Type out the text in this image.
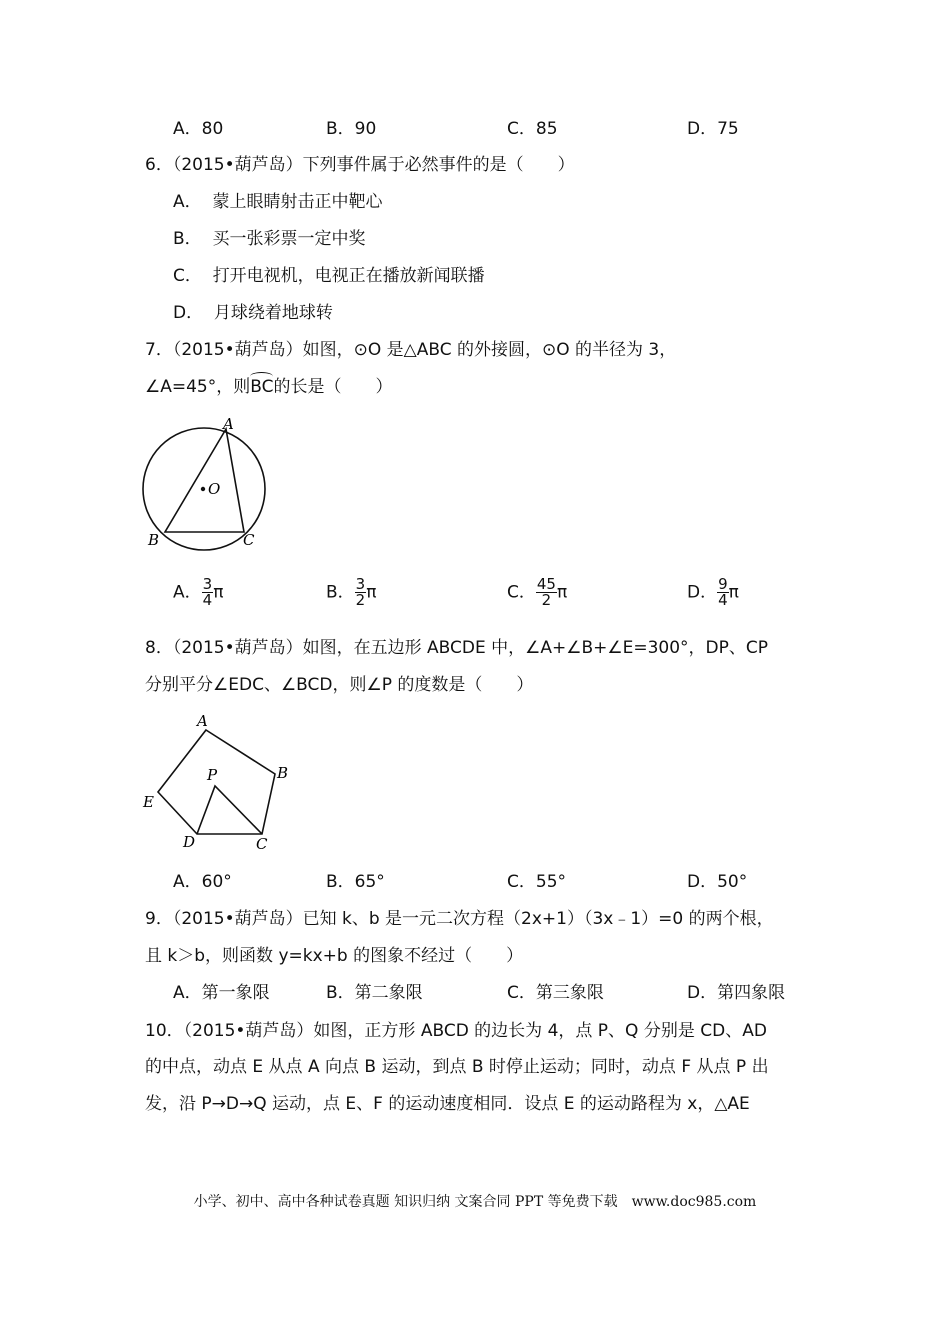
A．80	B．90	C．85	D．75
6．（2015•葫芦岛）下列事件属于必然事件的是（　　）
A． 蒙上眼睛射击正中靶心
B． 买一张彩票一定中奖
C． 打开电视机，电视正在播放新闻联播
D． 月球绕着地球转
7．（2015•葫芦岛）如图，⊙O 是△ABC 的外接圆，⊙O 的半径为 3，
∠A=45°，则BC的长是（　　）
O
A
B	C
A． $\frac{3}{4}$ π	B． $\frac{3}{2}$ π	C． $\frac{45}{2}$ π	D． $\frac{9}{4}$ π
8．（2015•葫芦岛）如图，在五边形 ABCDE 中，∠A+∠B+∠E=300°，DP、CP
分别平分∠EDC、∠BCD，则∠P 的度数是（　　）
A
B
C
D
E
P
A．60°	B．65°	C．55°	D．50°
9．（2015•葫芦岛）已知 k、b 是一元二次方程（2x+1）（3x﹣1）=0 的两个根，
且 k＞b，则函数 y=kx+b 的图象不经过（　　）
A．第一象限	B．第二象限	C．第三象限	D．第四象限
10．（2015•葫芦岛）如图，正方形 ABCD 的边长为 4，点 P、Q 分别是 CD、AD
的中点，动点 E 从点 A 向点 B 运动，到点 B 时停止运动；同时，动点 F 从点 P 出
发，沿 P→D→Q 运动，点 E、F 的运动速度相同．设点 E 的运动路程为 x，△AE
小学、初中、高中各种试卷真题 知识归纳 文案合同 PPT 等免费下载　www.doc985.com
